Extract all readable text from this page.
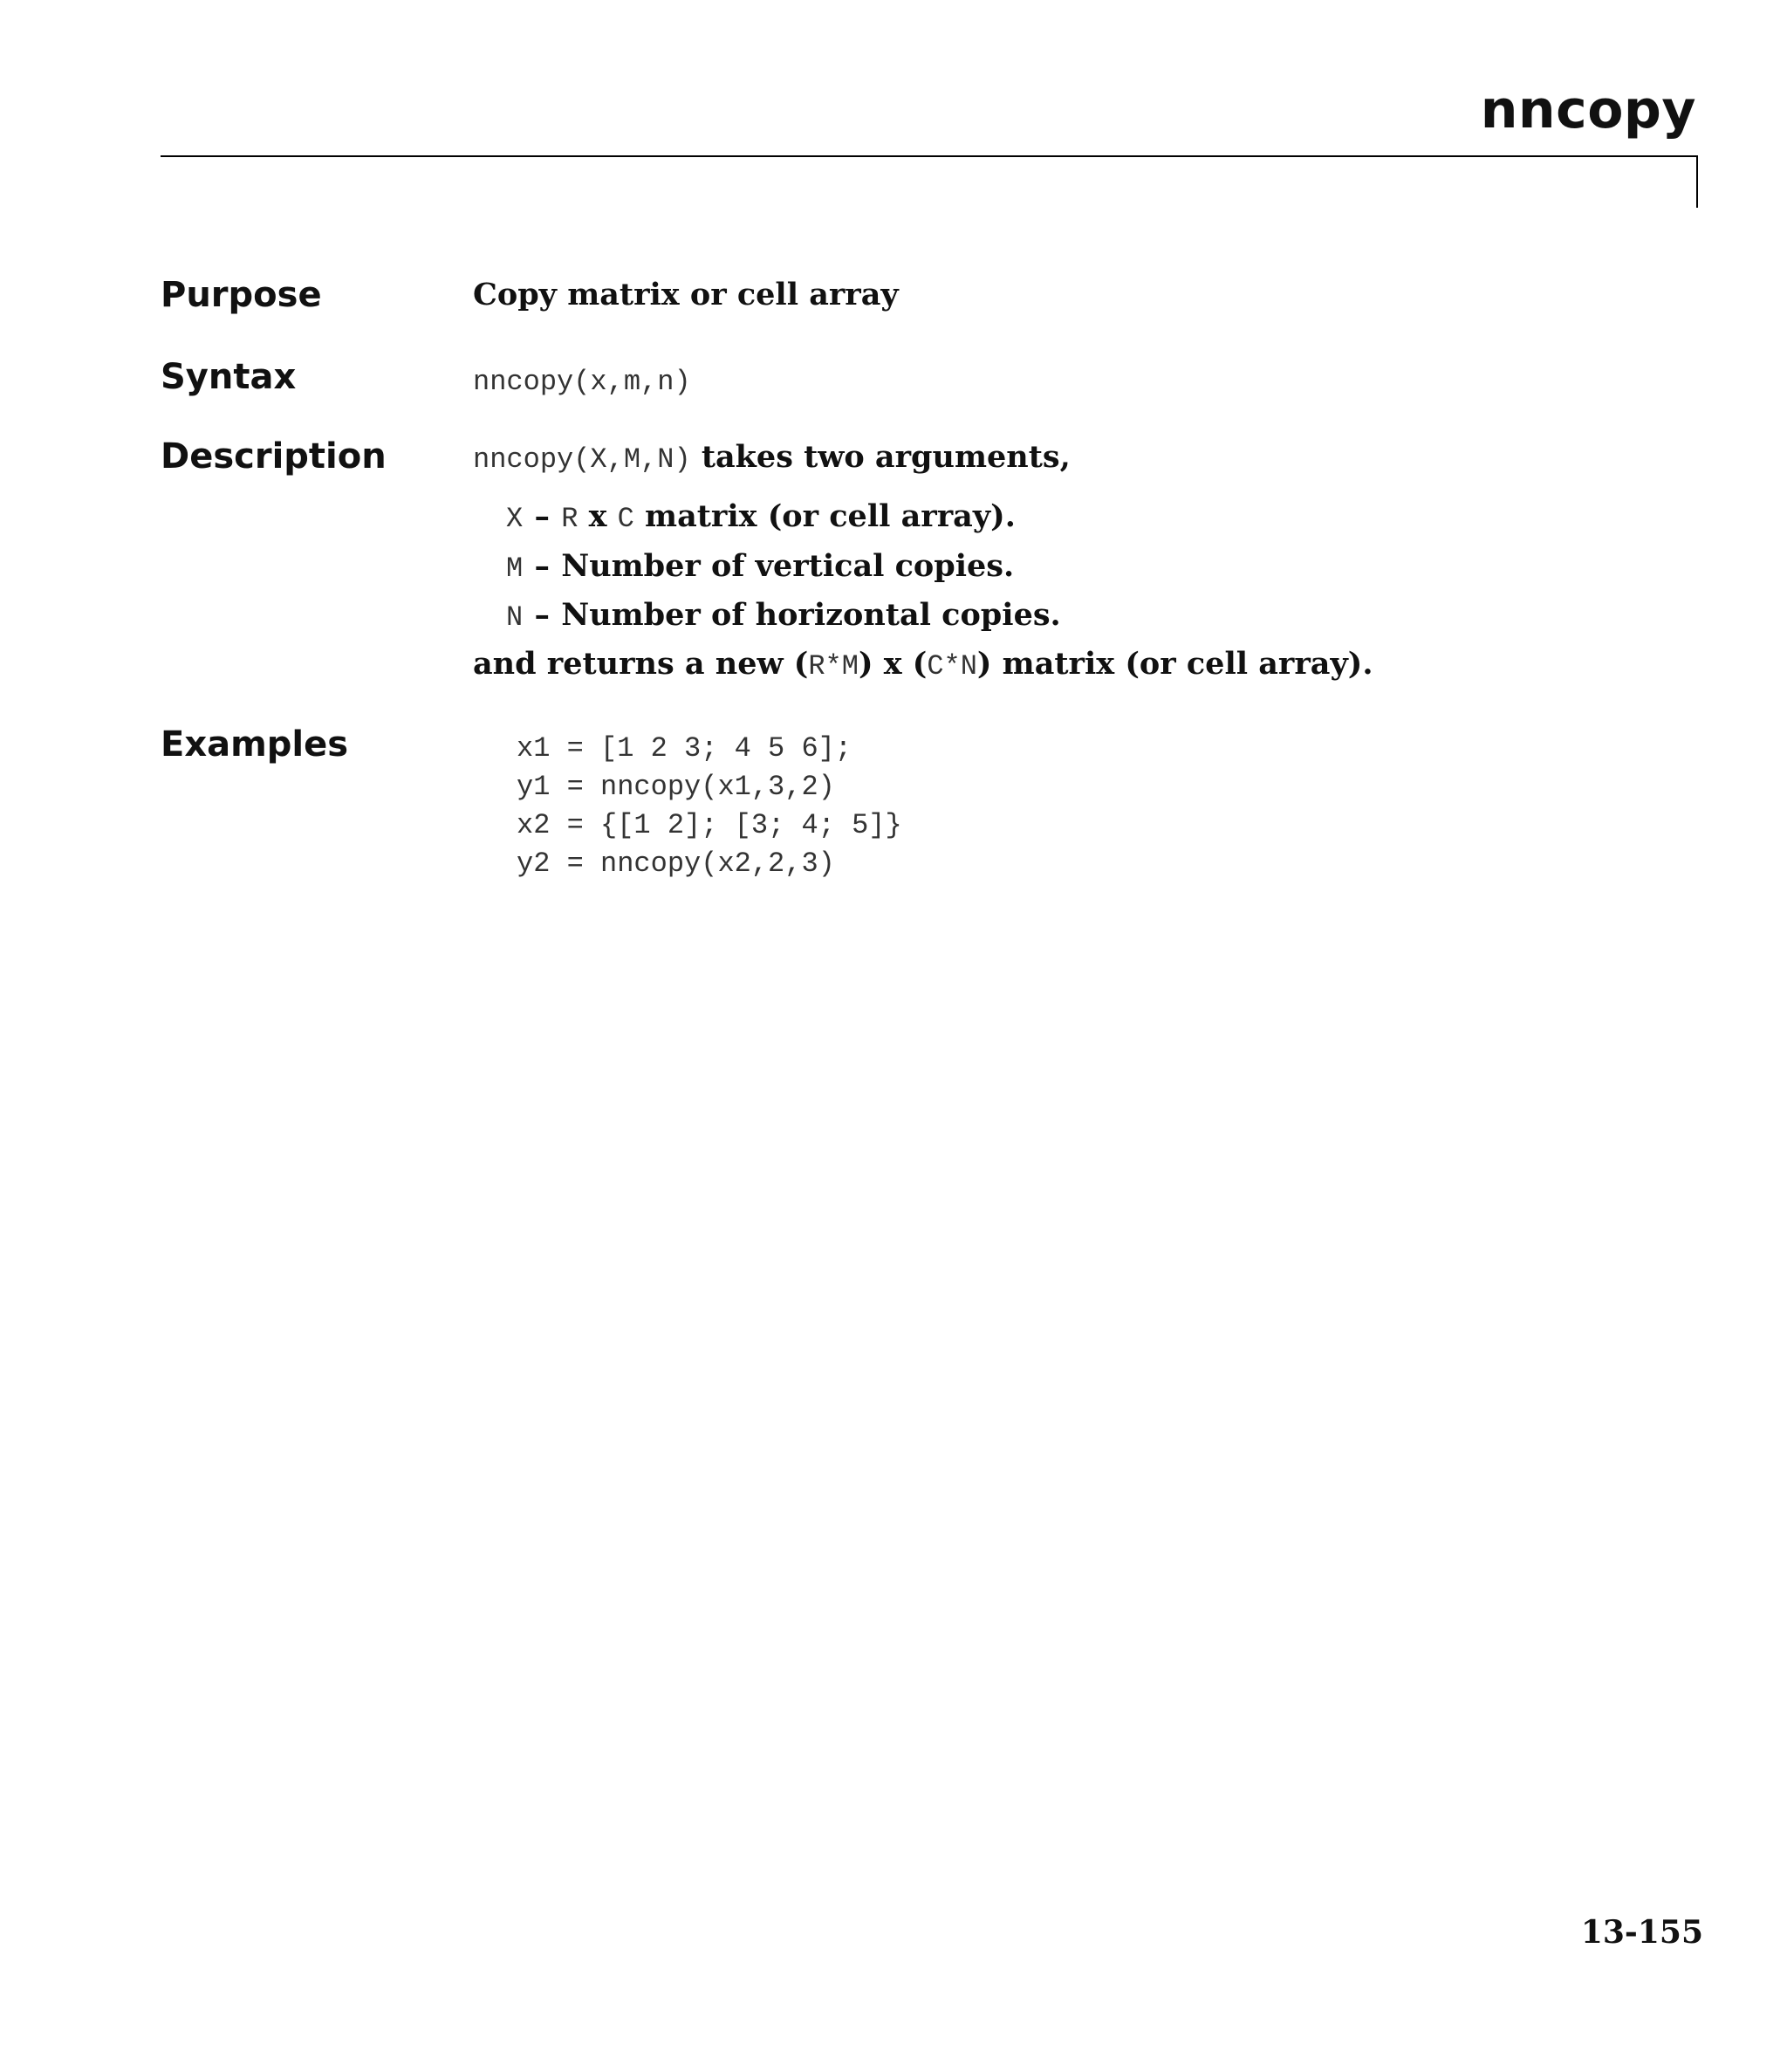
nncopy
Purpose	Copy matrix or cell array
Syntax	nncopy(x,m,n)
Description	nncopy(X,M,N) takes two arguments,
X – R x C matrix (or cell array).
M – Number of vertical copies.
N – Number of horizontal copies.
and returns a new (R*M) x (C*N) matrix (or cell array).
Examples	x1 = [1 2 3; 4 5 6];
y1 = nncopy(x1,3,2)
x2 = {[1 2]; [3; 4; 5]}
y2 = nncopy(x2,2,3)
13-155
